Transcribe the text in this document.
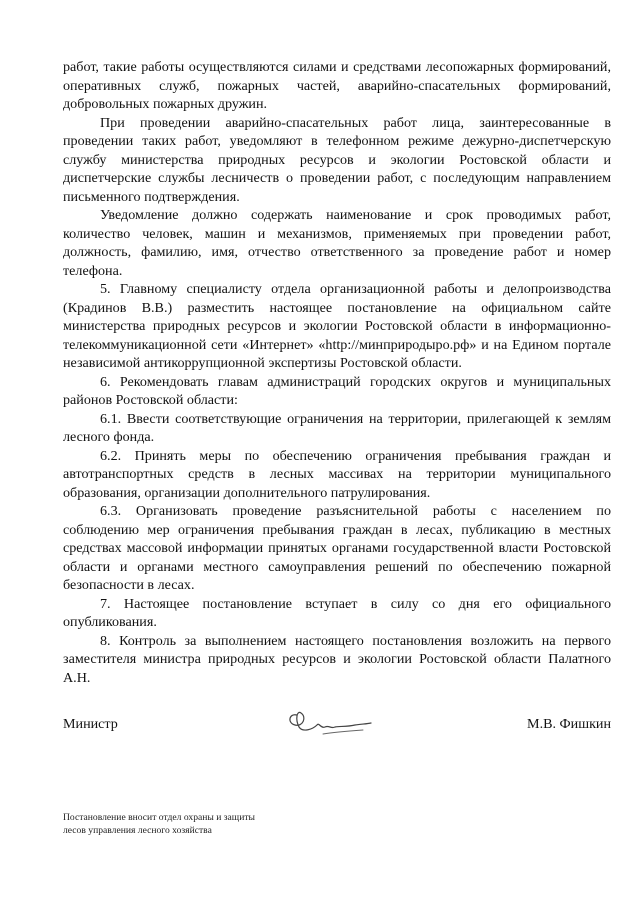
работ, такие работы осуществляются силами и средствами лесопожарных формирований, оперативных служб, пожарных частей, аварийно-спасательных формирований, добровольных пожарных дружин.

При проведении аварийно-спасательных работ лица, заинтересованные в проведении таких работ, уведомляют в телефонном режиме дежурно-диспетчерскую службу министерства природных ресурсов и экологии Ростовской области и диспетчерские службы лесничеств о проведении работ, с последующим направлением письменного подтверждения.

Уведомление должно содержать наименование и срок проводимых работ, количество человек, машин и механизмов, применяемых при проведении работ, должность, фамилию, имя, отчество ответственного за проведение работ и номер телефона.

5. Главному специалисту отдела организационной работы и делопроизводства (Крадинов В.В.) разместить настоящее постановление на официальном сайте министерства природных ресурсов и экологии Ростовской области в информационно-телекоммуникационной сети «Интернет» «http://минприродыро.рф» и на Едином портале независимой антикоррупционной экспертизы Ростовской области.

6. Рекомендовать главам администраций городских округов и муниципальных районов Ростовской области:

6.1. Ввести соответствующие ограничения на территории, прилегающей к землям лесного фонда.

6.2. Принять меры по обеспечению ограничения пребывания граждан и автотранспортных средств в лесных массивах на территории муниципального образования, организации дополнительного патрулирования.

6.3. Организовать проведение разъяснительной работы с населением по соблюдению мер ограничения пребывания граждан в лесах, публикацию в местных средствах массовой информации принятых органами государственной власти Ростовской области и органами местного самоуправления решений по обеспечению пожарной безопасности в лесах.

7. Настоящее постановление вступает в силу со дня его официального опубликования.

8. Контроль за выполнением настоящего постановления возложить на первого заместителя министра природных ресурсов и экологии Ростовской области Палатного А.Н.

Министр	М.В. Фишкин
Постановление вносит отдел охраны и защиты
лесов управления лесного хозяйства
